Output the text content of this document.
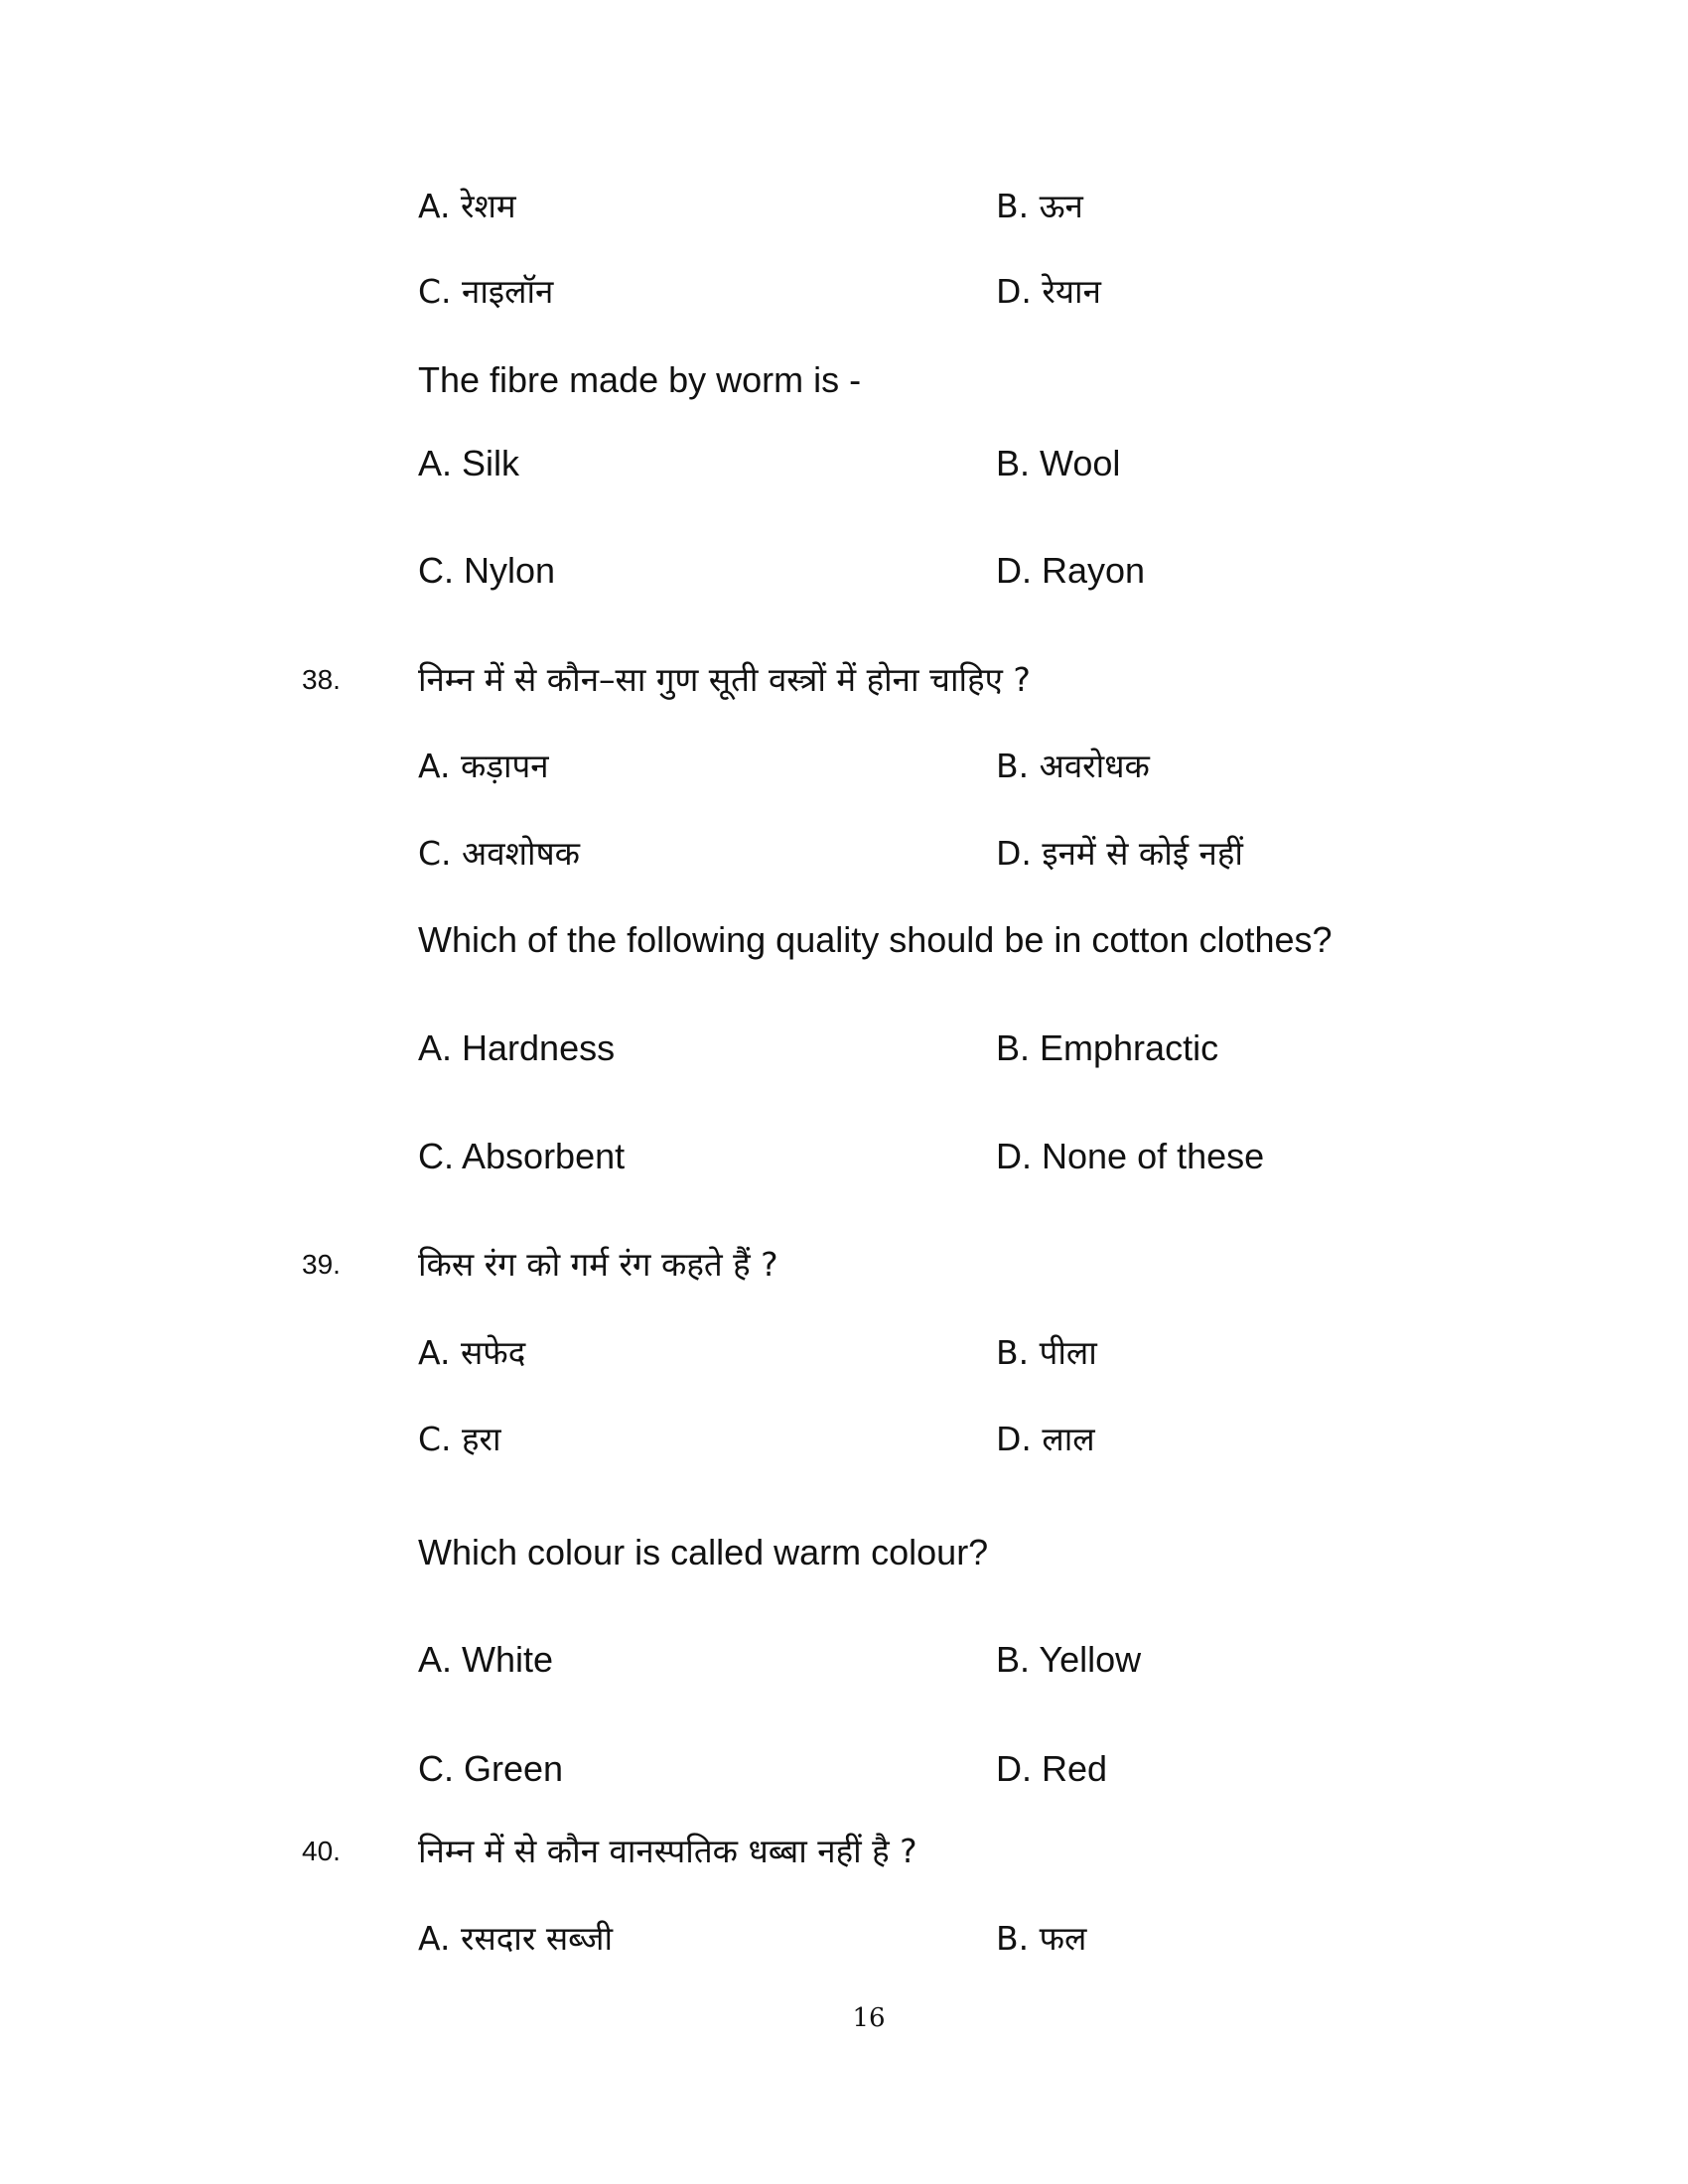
A. रेशम	B. ऊन
C. नाइलॉन	D. रेयान
The fibre made by worm is -
A. Silk	B. Wool
C. Nylon	D. Rayon
38. निम्न में से कौन–सा गुण सूती वस्त्रों में होना चाहिए ?
A. कड़ापन	B. अवरोधक
C. अवशोषक	D. इनमें से कोई नहीं
Which of the following quality should be in cotton clothes?
A. Hardness	B. Emphractic
C. Absorbent	D. None of these
39. किस रंग को गर्म रंग कहते हैं ?
A. सफेद	B. पीला
C. हरा	D. लाल
Which colour is called warm colour?
A. White	B. Yellow
C. Green	D. Red
40. निम्न में से कौन वानस्पतिक धब्बा नहीं है ?
A. रसदार सब्जी	B. फल
16
